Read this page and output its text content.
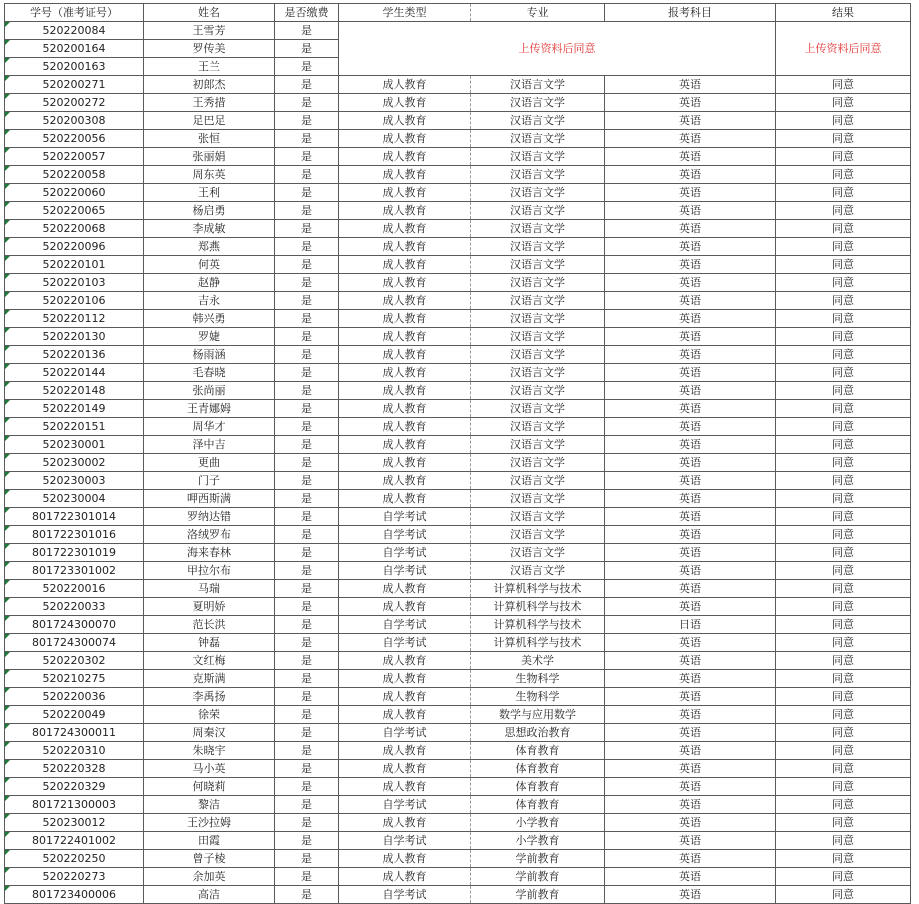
学号（准考证号）	姓名	是否缴费	学生类型	专业	报考科目	结果
520220084	王雪芳	是	上传资料后同意			上传资料后同意
520200164	罗传美	是				
520200163	王兰	是				
520200271	初郎杰	是	成人教育	汉语言文学	英语	同意
520200272	王秀措	是	成人教育	汉语言文学	英语	同意
520200308	足巴足	是	成人教育	汉语言文学	英语	同意
520220056	张恒	是	成人教育	汉语言文学	英语	同意
520220057	张丽娟	是	成人教育	汉语言文学	英语	同意
520220058	周东英	是	成人教育	汉语言文学	英语	同意
520220060	王利	是	成人教育	汉语言文学	英语	同意
520220065	杨启勇	是	成人教育	汉语言文学	英语	同意
520220068	李成敏	是	成人教育	汉语言文学	英语	同意
520220096	郑燕	是	成人教育	汉语言文学	英语	同意
520220101	何英	是	成人教育	汉语言文学	英语	同意
520220103	赵静	是	成人教育	汉语言文学	英语	同意
520220106	吉永	是	成人教育	汉语言文学	英语	同意
520220112	韩兴勇	是	成人教育	汉语言文学	英语	同意
520220130	罗婕	是	成人教育	汉语言文学	英语	同意
520220136	杨雨涵	是	成人教育	汉语言文学	英语	同意
520220144	毛春晓	是	成人教育	汉语言文学	英语	同意
520220148	张尚丽	是	成人教育	汉语言文学	英语	同意
520220149	王青娜姆	是	成人教育	汉语言文学	英语	同意
520220151	周华才	是	成人教育	汉语言文学	英语	同意
520230001	泽中吉	是	成人教育	汉语言文学	英语	同意
520230002	更曲	是	成人教育	汉语言文学	英语	同意
520230003	门子	是	成人教育	汉语言文学	英语	同意
520230004	呷西斯满	是	成人教育	汉语言文学	英语	同意
801722301014	罗纳达错	是	自学考试	汉语言文学	英语	同意
801722301016	洛绒罗布	是	自学考试	汉语言文学	英语	同意
801722301019	海来春林	是	自学考试	汉语言文学	英语	同意
801723301002	甲拉尔布	是	自学考试	汉语言文学	英语	同意
520220016	马瑞	是	成人教育	计算机科学与技术	英语	同意
520220033	夏明娇	是	成人教育	计算机科学与技术	英语	同意
801724300070	范长洪	是	自学考试	计算机科学与技术	日语	同意
801724300074	钟磊	是	自学考试	计算机科学与技术	英语	同意
520220302	文红梅	是	成人教育	美术学	英语	同意
520210275	克斯满	是	成人教育	生物科学	英语	同意
520220036	李禹扬	是	成人教育	生物科学	英语	同意
520220049	徐荣	是	成人教育	数学与应用数学	英语	同意
801724300011	周秦汉	是	自学考试	思想政治教育	英语	同意
520220310	朱晓宇	是	成人教育	体育教育	英语	同意
520220328	马小英	是	成人教育	体育教育	英语	同意
520220329	何晓莉	是	成人教育	体育教育	英语	同意
801721300003	黎洁	是	自学考试	体育教育	英语	同意
520230012	王沙拉姆	是	成人教育	小学教育	英语	同意
801722401002	田霞	是	自学考试	小学教育	英语	同意
520220250	曾子棱	是	成人教育	学前教育	英语	同意
520220273	余加英	是	成人教育	学前教育	英语	同意
801723400006	高洁	是	自学考试	学前教育	英语	同意
